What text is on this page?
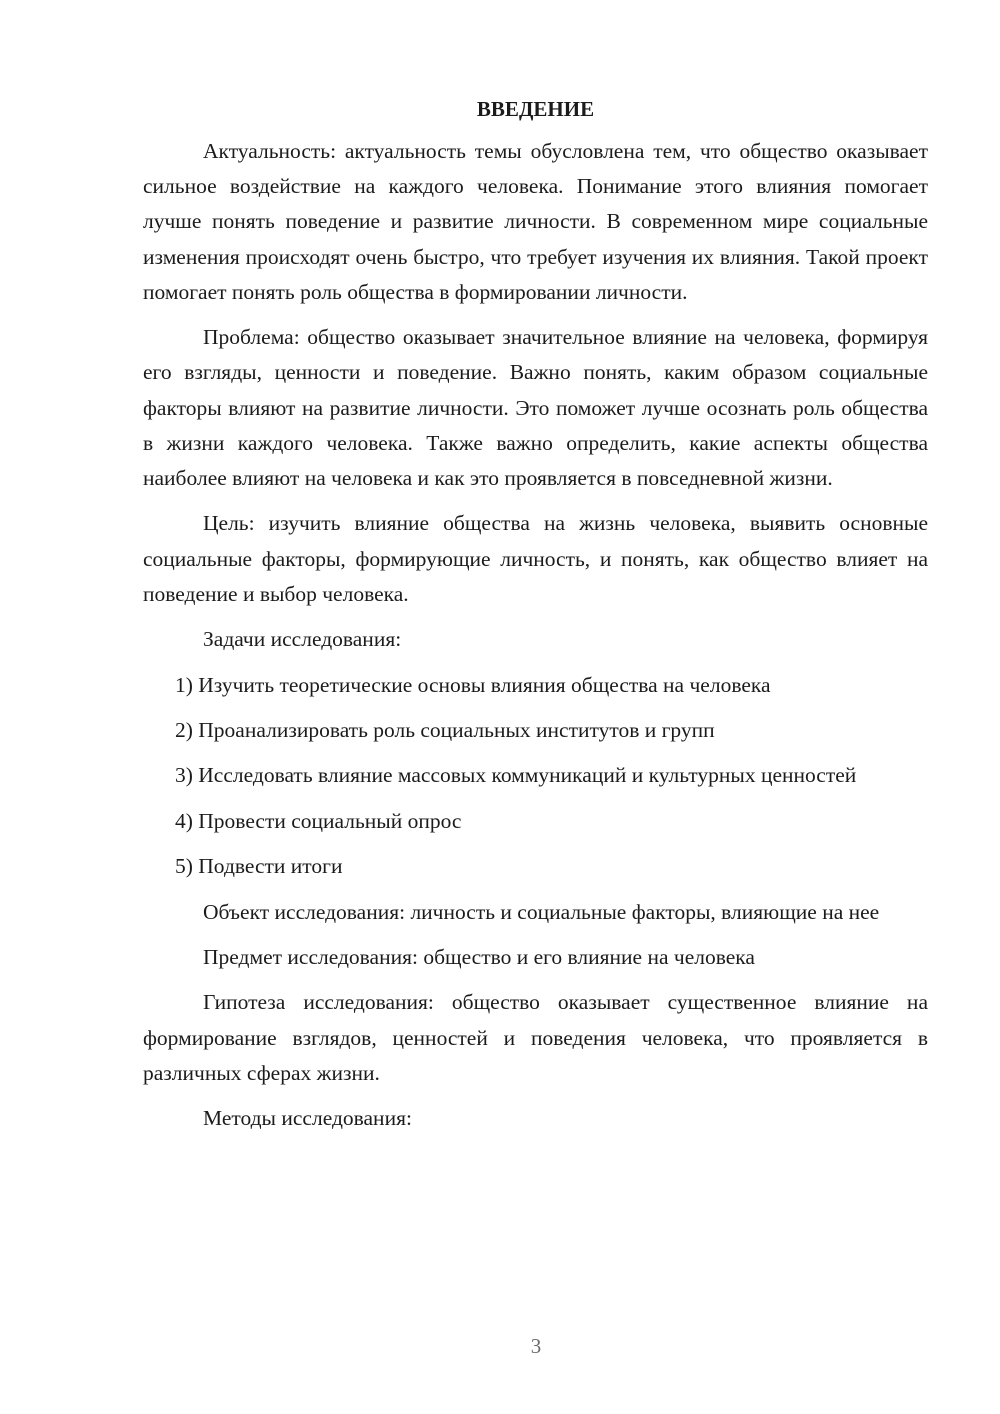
ВВЕДЕНИЕ

Актуальность: актуальность темы обусловлена тем, что общество оказывает сильное воздействие на каждого человека. Понимание этого влияния помогает лучше понять поведение и развитие личности. В современном мире социальные изменения происходят очень быстро, что требует изучения их влияния. Такой проект помогает понять роль общества в формировании личности.

Проблема: общество оказывает значительное влияние на человека, формируя его взгляды, ценности и поведение. Важно понять, каким образом социальные факторы влияют на развитие личности. Это поможет лучше осознать роль общества в жизни каждого человека. Также важно определить, какие аспекты общества наиболее влияют на человека и как это проявляется в повседневной жизни.

Цель: изучить влияние общества на жизнь человека, выявить основные социальные факторы, формирующие личность, и понять, как общество влияет на поведение и выбор человека.

Задачи исследования:

1) Изучить теоретические основы влияния общества на человека

2) Проанализировать роль социальных институтов и групп

3) Исследовать влияние массовых коммуникаций и культурных ценностей

4) Провести социальный опрос

5) Подвести итоги

Объект исследования: личность и социальные факторы, влияющие на нее

Предмет исследования: общество и его влияние на человека

Гипотеза исследования: общество оказывает существенное влияние на формирование взглядов, ценностей и поведения человека, что проявляется в различных сферах жизни.

Методы исследования:

3
